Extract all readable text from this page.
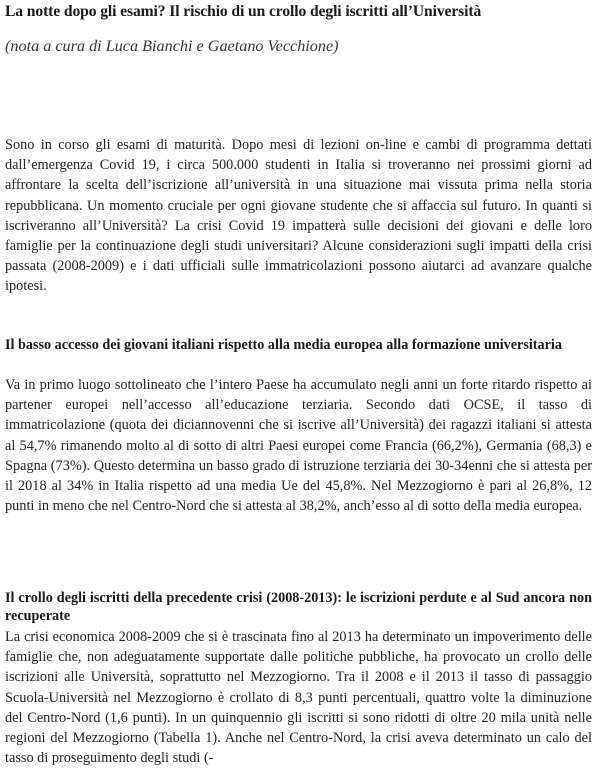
La notte dopo gli esami? Il rischio di un crollo degli iscritti all’Università

(nota a cura di Luca Bianchi e Gaetano Vecchione)

Sono in corso gli esami di maturità. Dopo mesi di lezioni on-line e cambi di programma dettati dall’emergenza Covid 19, i circa 500.000 studenti in Italia si troveranno nei prossimi giorni ad affrontare la scelta dell’iscrizione all’università in una situazione mai vissuta prima nella storia repubblicana. Un momento cruciale per ogni giovane studente che si affaccia sul futuro. In quanti si iscriveranno all’Università? La crisi Covid 19 impatterà sulle decisioni dei giovani e delle loro famiglie per la continuazione degli studi universitari? Alcune considerazioni sugli impatti della crisi passata (2008-2009) e i dati ufficiali sulle immatricolazioni possono aiutarci ad avanzare qualche ipotesi.

Il basso accesso dei giovani italiani rispetto alla media europea alla formazione universitaria

Va in primo luogo sottolineato che l’intero Paese ha accumulato negli anni un forte ritardo rispetto ai partener europei nell’accesso all’educazione terziaria. Secondo dati OCSE, il tasso di immatricolazione (quota dei diciannovenni che si iscrive all’Università) dei ragazzi italiani si attesta al 54,7% rimanendo molto al di sotto di altri Paesi europei come Francia (66,2%), Germania (68,3) e Spagna (73%). Questo determina un basso grado di istruzione terziaria dei 30-34enni che si attesta per il 2018 al 34% in Italia rispetto ad una media Ue del 45,8%. Nel Mezzogiorno è pari al 26,8%, 12 punti in meno che nel Centro-Nord che si attesta al 38,2%, anch’esso al di sotto della media europea.

Il crollo degli iscritti della precedente crisi (2008-2013): le iscrizioni perdute e al Sud ancora non recuperate

La crisi economica 2008-2009 che si è trascinata fino al 2013 ha determinato un impoverimento delle famiglie che, non adeguatamente supportate dalle politiche pubbliche, ha provocato un crollo delle iscrizioni alle Università, soprattutto nel Mezzogiorno. Tra il 2008 e il 2013 il tasso di passaggio Scuola-Università nel Mezzogiorno è crollato di 8,3 punti percentuali, quattro volte la diminuzione del Centro-Nord (1,6 punti). In un quinquennio gli iscritti si sono ridotti di oltre 20 mila unità nelle regioni del Mezzogiorno (Tabella 1). Anche nel Centro-Nord, la crisi aveva determinato un calo del tasso di proseguimento degli studi (-
